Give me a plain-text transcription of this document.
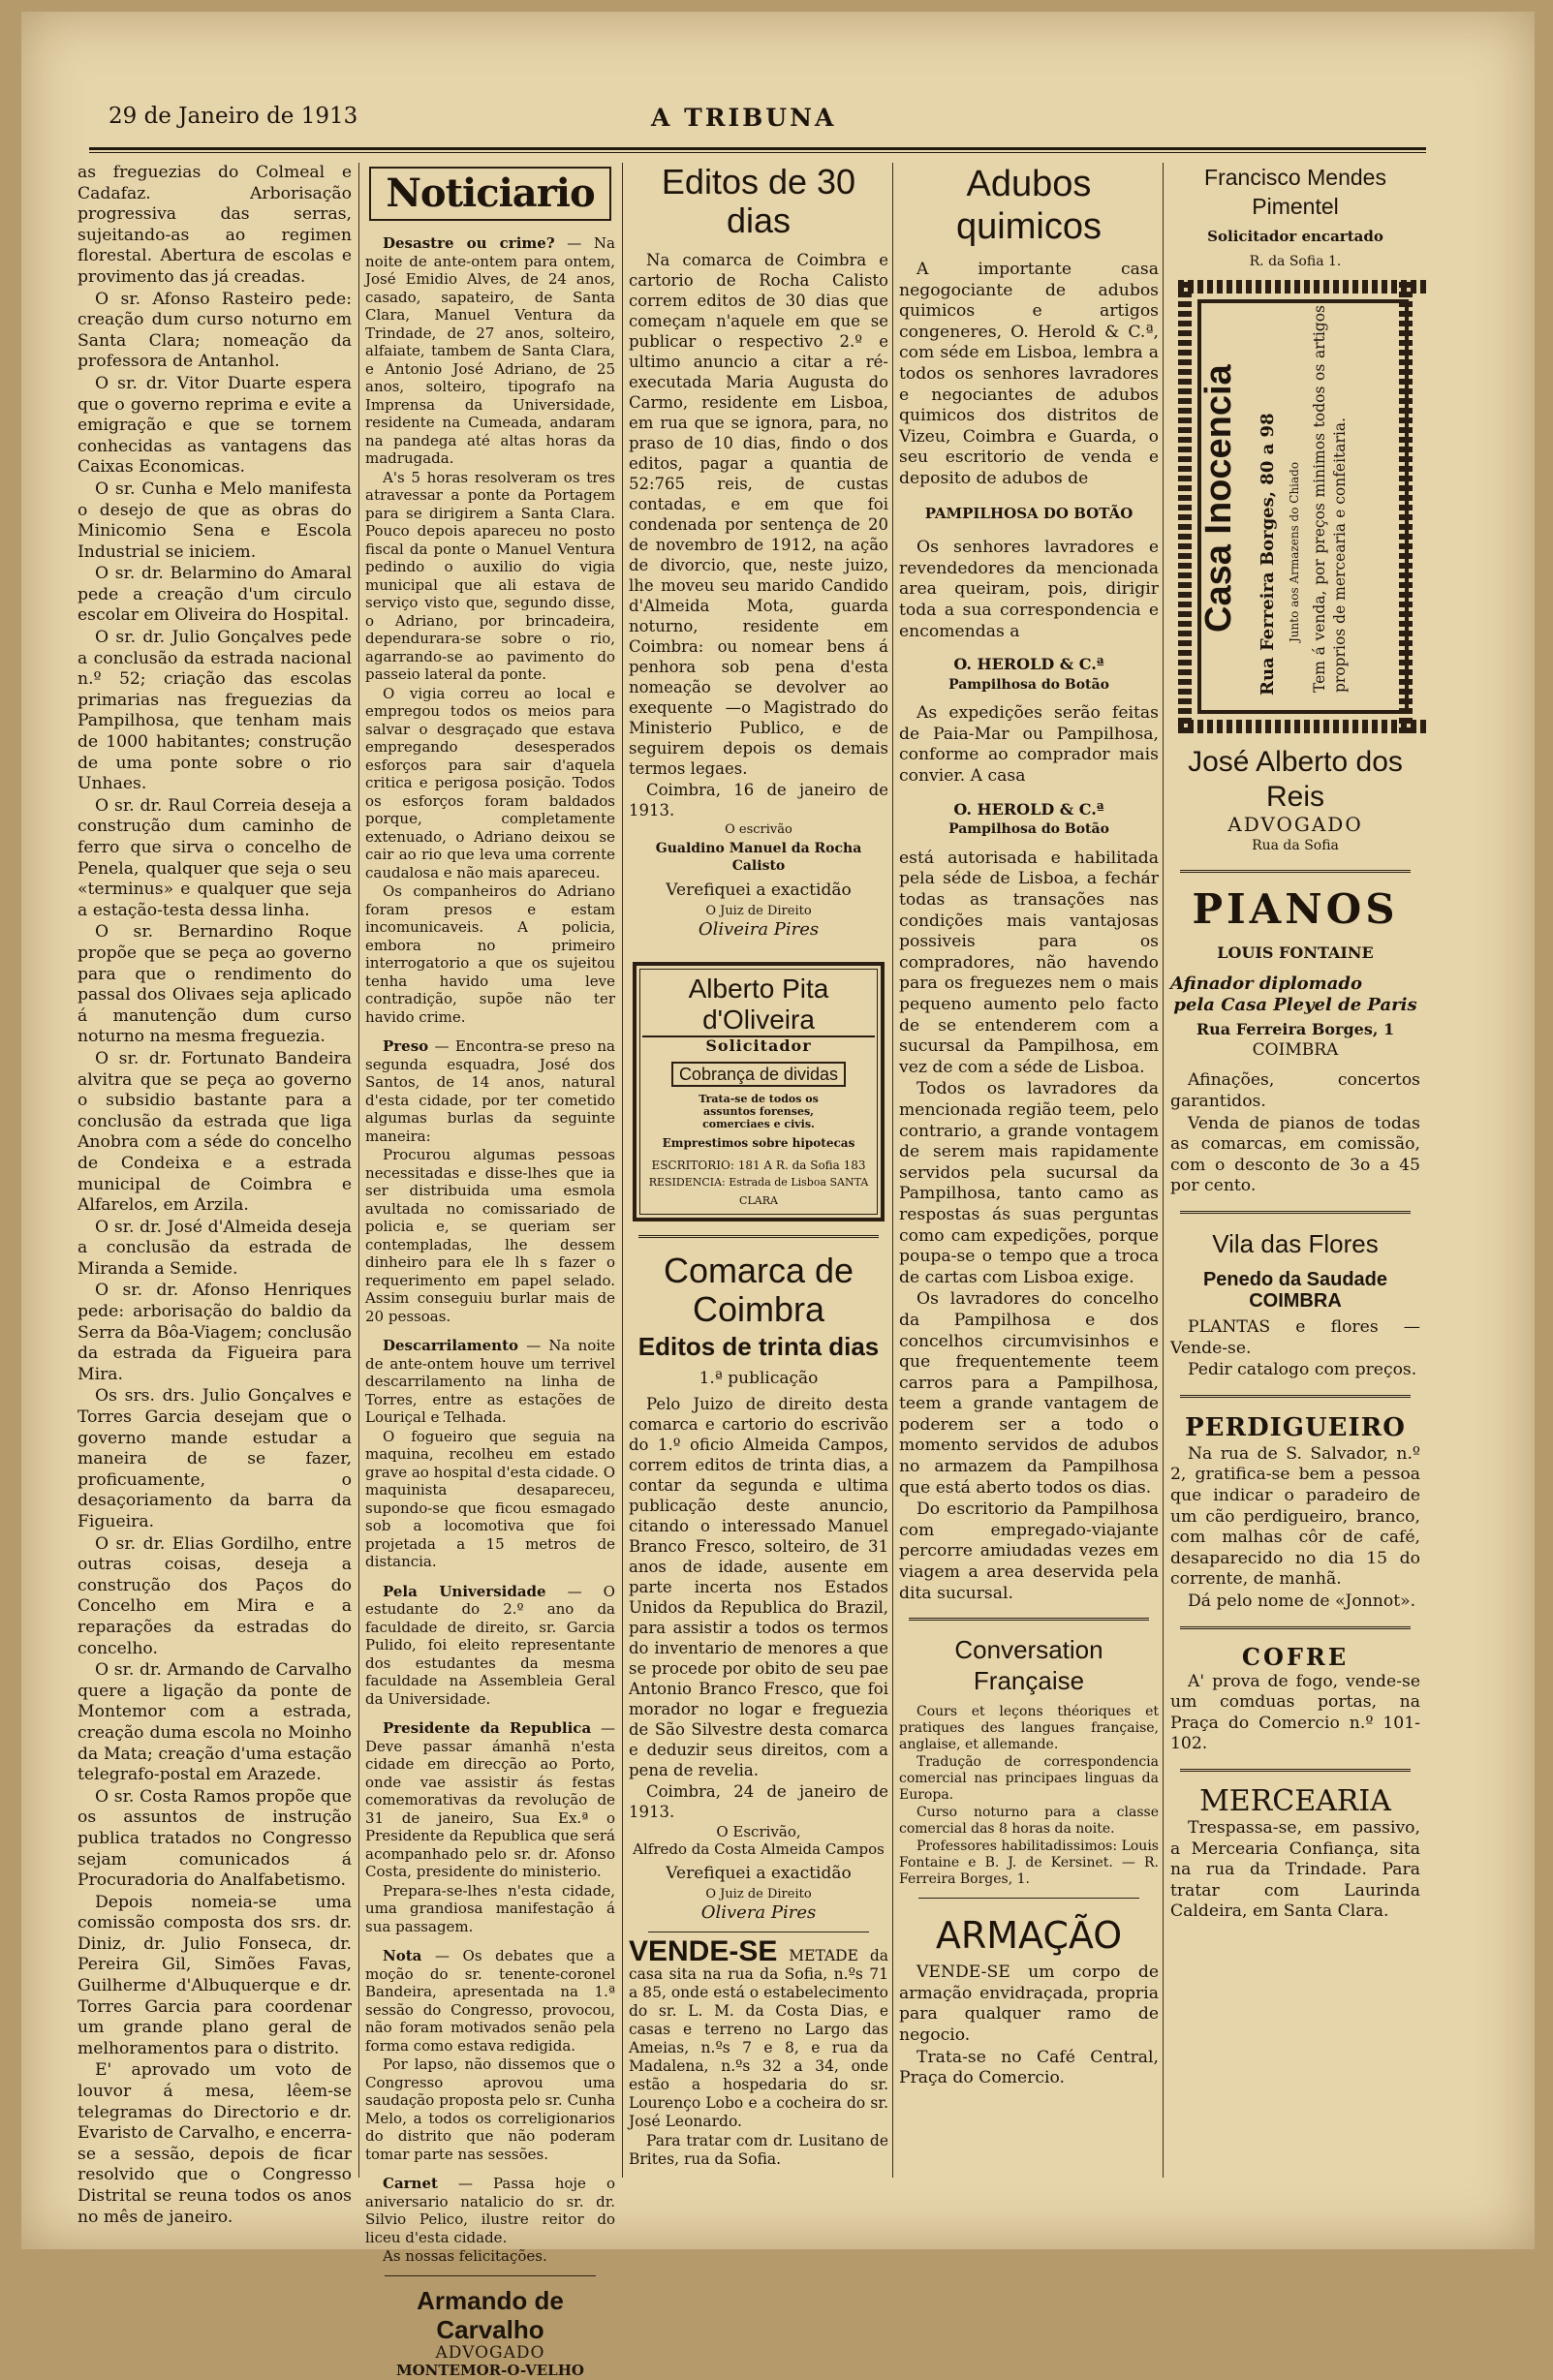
29 de Janeiro de 1913	A TRIBUNA

as freguezias do Colmeal e Cadafaz. Arborisação progressiva das serras, sujeitando-as ao regimen florestal. Abertura de escolas e provimento das já creadas.

O sr. Afonso Rasteiro pede: creação dum curso noturno em Santa Clara; nomeação da professora de Antanhol.

O sr. dr. Vitor Duarte espera que o governo reprima e evite a emigração e que se tornem conhecidas as vantagens das Caixas Economicas.

O sr. Cunha e Melo manifesta o desejo de que as obras do Minicomio Sena e Escola Industrial se iniciem.

O sr. dr. Belarmino do Amaral pede a creação d'um circulo escolar em Oliveira do Hospital.

O sr. dr. Julio Gonçalves pede a conclusão da estrada nacional n.º 52; criação das escolas primarias nas freguezias da Pampilhosa, que tenham mais de 1000 habitantes; construção de uma ponte sobre o rio Unhaes.

O sr. dr. Raul Correia deseja a construção dum caminho de ferro que sirva o concelho de Penela, qualquer que seja o seu «terminus» e qualquer que seja a estação-testa dessa linha.

O sr. Bernardino Roque propõe que se peça ao governo para que o rendimento do passal dos Olivaes seja aplicado á manutenção dum curso noturno na mesma freguezia.

O sr. dr. Fortunato Bandeira alvitra que se peça ao governo o subsidio bastante para a conclusão da estrada que liga Anobra com a séde do concelho de Condeixa e a estrada municipal de Coimbra e Alfarelos, em Arzila.

O sr. dr. José d'Almeida deseja a conclusão da estrada de Miranda a Semide.

O sr. dr. Afonso Henriques pede: arborisação do baldio da Serra da Bôa-Viagem; conclusão da estrada da Figueira para Mira.

Os srs. drs. Julio Gonçalves e Torres Garcia desejam que o governo mande estudar a maneira de se fazer, proficuamente, o desaçoriamento da barra da Figueira.

O sr. dr. Elias Gordilho, entre outras coisas, deseja a construção dos Paços do Concelho em Mira e a reparações da estradas do concelho.

O sr. dr. Armando de Carvalho quere a ligação da ponte de Montemor com a estrada, creação duma escola no Moinho da Mata; creação d'uma estação telegrafo-postal em Arazede.

O sr. Costa Ramos propõe que os assuntos de instrução publica tratados no Congresso sejam comunicados á Procuradoria do Analfabetismo.

Depois nomeia-se uma comissão composta dos srs. dr. Diniz, dr. Julio Fonseca, dr. Pereira Gil, Simões Favas, Guilherme d'Albuquerque e dr. Torres Garcia para coordenar um grande plano geral de melhoramentos para o distrito.

E' aprovado um voto de louvor á mesa, lêem-se telegramas do Directorio e dr. Evaristo de Carvalho, e encerra-se a sessão, depois de ficar resolvido que o Congresso Distrital se reuna todos os anos no mês de janeiro.

Noticiario

Desastre ou crime? — Na noite de ante-ontem para ontem, José Emidio Alves, de 24 anos, casado, sapateiro, de Santa Clara, Manuel Ventura da Trindade, de 27 anos, solteiro, alfaiate, tambem de Santa Clara, e Antonio José Adriano, de 25 anos, solteiro, tipografo na Imprensa da Universidade, residente na Cumeada, andaram na pandega até altas horas da madrugada.

A's 5 horas resolveram os tres atravessar a ponte da Portagem para se dirigirem a Santa Clara. Pouco depois apareceu no posto fiscal da ponte o Manuel Ventura pedindo o auxilio do vigia municipal que ali estava de serviço visto que, segundo disse, o Adriano, por brincadeira, dependurara-se sobre o rio, agarrando-se ao pavimento do passeio lateral da ponte.

O vigia correu ao local e empregou todos os meios para salvar o desgraçado que estava empregando desesperados esforços para sair d'aquela critica e perigosa posição. Todos os esforços foram baldados porque, completamente extenuado, o Adriano deixou se cair ao rio que leva uma corrente caudalosa e não mais apareceu.

Os companheiros do Adriano foram presos e estam incomunicaveis. A policia, embora no primeiro interrogatorio a que os sujeitou tenha havido uma leve contradição, supõe não ter havido crime.

Preso — Encontra-se preso na segunda esquadra, José dos Santos, de 14 anos, natural d'esta cidade, por ter cometido algumas burlas da seguinte maneira:

Procurou algumas pessoas necessitadas e disse-lhes que ia ser distribuida uma esmola avultada no comissariado de policia e, se queriam ser contempladas, lhe dessem dinheiro para ele lh s fazer o requerimento em papel selado. Assim conseguiu burlar mais de 20 pessoas.

Descarrilamento — Na noite de ante-ontem houve um terrivel descarrilamento na linha de Torres, entre as estações de Louriçal e Telhada.

O fogueiro que seguia na maquina, recolheu em estado grave ao hospital d'esta cidade. O maquinista desapareceu, supondo-se que ficou esmagado sob a locomotiva que foi projetada a 15 metros de distancia.

Pela Universidade — O estudante do 2.º ano da faculdade de direito, sr. Garcia Pulido, foi eleito representante dos estudantes da mesma faculdade na Assembleia Geral da Universidade.

Presidente da Republica — Deve passar ámanhã n'esta cidade em direcção ao Porto, onde vae assistir ás festas comemorativas da revolução de 31 de janeiro, Sua Ex.ª o Presidente da Republica que será acompanhado pelo sr. dr. Afonso Costa, presidente do ministerio.

Prepara-se-lhes n'esta cidade, uma grandiosa manifestação á sua passagem.

Nota — Os debates que a moção do sr. tenente-coronel Bandeira, apresentada na 1.ª sessão do Congresso, provocou, não foram motivados senão pela forma como estava redigida.

Por lapso, não dissemos que o Congresso aprovou uma saudação proposta pelo sr. Cunha Melo, a todos os correligionarios do distrito que não poderam tomar parte nas sessões.

Carnet — Passa hoje o aniversario natalicio do sr. dr. Silvio Pelico, ilustre reitor do liceu d'esta cidade.

As nossas felicitações.

Armando de Carvalho
ADVOGADO
MONTEMOR-O-VELHO
Editos de 30 dias

Na comarca de Coimbra e cartorio de Rocha Calisto correm editos de 30 dias que começam n'aquele em que se publicar o respectivo 2.º e ultimo anuncio a citar a ré-executada Maria Augusta do Carmo, residente em Lisboa, em rua que se ignora, para, no praso de 10 dias, findo o dos editos, pagar a quantia de 52:765 reis, de custas contadas, e em que foi condenada por sentença de 20 de novembro de 1912, na ação de divorcio, que, neste juizo, lhe moveu seu marido Candido d'Almeida Mota, guarda noturno, residente em Coimbra: ou nomear bens á penhora sob pena d'esta nomeação se devolver ao exequente —o Magistrado do Ministerio Publico, e de seguirem depois os demais termos legaes.

Coimbra, 16 de janeiro de 1913.

O escrivão
Gualdino Manuel da Rocha Calisto
Verefiquei a exactidão
O Juiz de Direito
Oliveira Pires
Alberto Pita d'Oliveira
Solicitador
Cobrança de dividas
Trata-se de todos os assuntos forenses, comerciaes e civis.
Emprestimos sobre hipotecas
ESCRITORIO: 181 A R. da Sofia 183
RESIDENCIA: Estrada de Lisboa SANTA CLARA
Comarca de Coimbra
Editos de trinta dias
1.ª publicação

Pelo Juizo de direito desta comarca e cartorio do escrivão do 1.º oficio Almeida Campos, correm editos de trinta dias, a contar da segunda e ultima publicação deste anuncio, citando o interessado Manuel Branco Fresco, solteiro, de 31 anos de idade, ausente em parte incerta nos Estados Unidos da Republica do Brazil, para assistir a todos os termos do inventario de menores a que se procede por obito de seu pae Antonio Branco Fresco, que foi morador no logar e freguezia de São Silvestre desta comarca e deduzir seus direitos, com a pena de revelia.

Coimbra, 24 de janeiro de 1913.

O Escrivão,
Alfredo da Costa Almeida Campos
Verefiquei a exactidão
O Juiz de Direito
Olivera Pires

VENDE-SE METADE da casa sita na rua da Sofia, n.ºs 71 a 85, onde está o estabelecimento do sr. L. M. da Costa Dias, e casas e terreno no Largo das Ameias, n.ºs 7 e 8, e rua da Madalena, n.ºs 32 a 34, onde estão a hospedaria do sr. Lourenço Lobo e a cocheira do sr. José Leonardo.

Para tratar com dr. Lusitano de Brites, rua da Sofia.

Adubos quimicos

A importante casa negogociante de adubos quimicos e artigos congeneres, O. Herold & C.ª, com séde em Lisboa, lembra a todos os senhores lavradores e negociantes de adubos quimicos dos distritos de Vizeu, Coimbra e Guarda, o seu escritorio de venda e deposito de adubos de

PAMPILHOSA DO BOTÃO

Os senhores lavradores e revendedores da mencionada area queiram, pois, dirigir toda a sua correspondencia e encomendas a

O. HEROLD & C.ª
Pampilhosa do Botão

As expedições serão feitas de Paia-Mar ou Pampilhosa, conforme ao comprador mais convier. A casa

O. HEROLD & C.ª
Pampilhosa do Botão

está autorisada e habilitada pela séde de Lisboa, a fechár todas as transações nas condições mais vantajosas possiveis para os compradores, não havendo para os freguezes nem o mais pequeno aumento pelo facto de se entenderem com a sucursal da Pampilhosa, em vez de com a séde de Lisboa.

Todos os lavradores da mencionada região teem, pelo contrario, a grande vontagem de serem mais rapidamente servidos pela sucursal da Pampilhosa, tanto camo as respostas ás suas perguntas como cam expedições, porque poupa-se o tempo que a troca de cartas com Lisboa exige.

Os lavradores do concelho da Pampilhosa e dos concelhos circumvisinhos e que frequentemente teem carros para a Pampilhosa, teem a grande vantagem de poderem ser a todo o momento servidos de adubos no armazem da Pampilhosa que está aberto todos os dias.

Do escritorio da Pampilhosa com empregado-viajante percorre amiudadas vezes em viagem a area deservida pela dita sucursal.

Conversation Française

Cours et leçons théoriques et pratiques des langues française, anglaise, et allemande.

Tradução de correspondencia comercial nas principaes linguas da Europa.

Curso noturno para a classe comercial das 8 horas da noite.

Professores habilitadissimos: Louis Fontaine e B. J. de Kersinet. — R. Ferreira Borges, 1.

ARMAÇÃO

VENDE-SE um corpo de armação envidraçada, propria para qualquer ramo de negocio.

Trata-se no Café Central, Praça do Comercio.

Francisco Mendes Pimentel
Solicitador encartado
R. da Sofia 1.
Casa Inocencia Rua Ferreira Borges, 80 a 98 Junto aos Armazens do Chiado Tem á venda, por preços minimos todos os artigos proprios de mercearia e confeitaria.
José Alberto dos Reis
ADVOGADO
Rua da Sofia
PIANOS
LOUIS FONTAINE
Afinador diplomado
pela Casa Pleyel de Paris
Rua Ferreira Borges, 1
COIMBRA

Afinações, concertos garantidos.

Venda de pianos de todas as comarcas, em comissão, com o desconto de 3o a 45 por cento.

Vila das Flores
Penedo da Saudade COIMBRA

PLANTAS e flores — Vende-se.

Pedir catalogo com preços.

PERDIGUEIRO

Na rua de S. Salvador, n.º 2, gratifica-se bem a pessoa que indicar o paradeiro de um cão perdigueiro, branco, com malhas côr de café, desaparecido no dia 15 do corrente, de manhã.

Dá pelo nome de «Jonnot».

COFRE

A' prova de fogo, vende-se um comduas portas, na Praça do Comercio n.º 101-102.

MERCEARIA

Trespassa-se, em passivo, a Mercearia Confiança, sita na rua da Trindade. Para tratar com Laurinda Caldeira, em Santa Clara.
